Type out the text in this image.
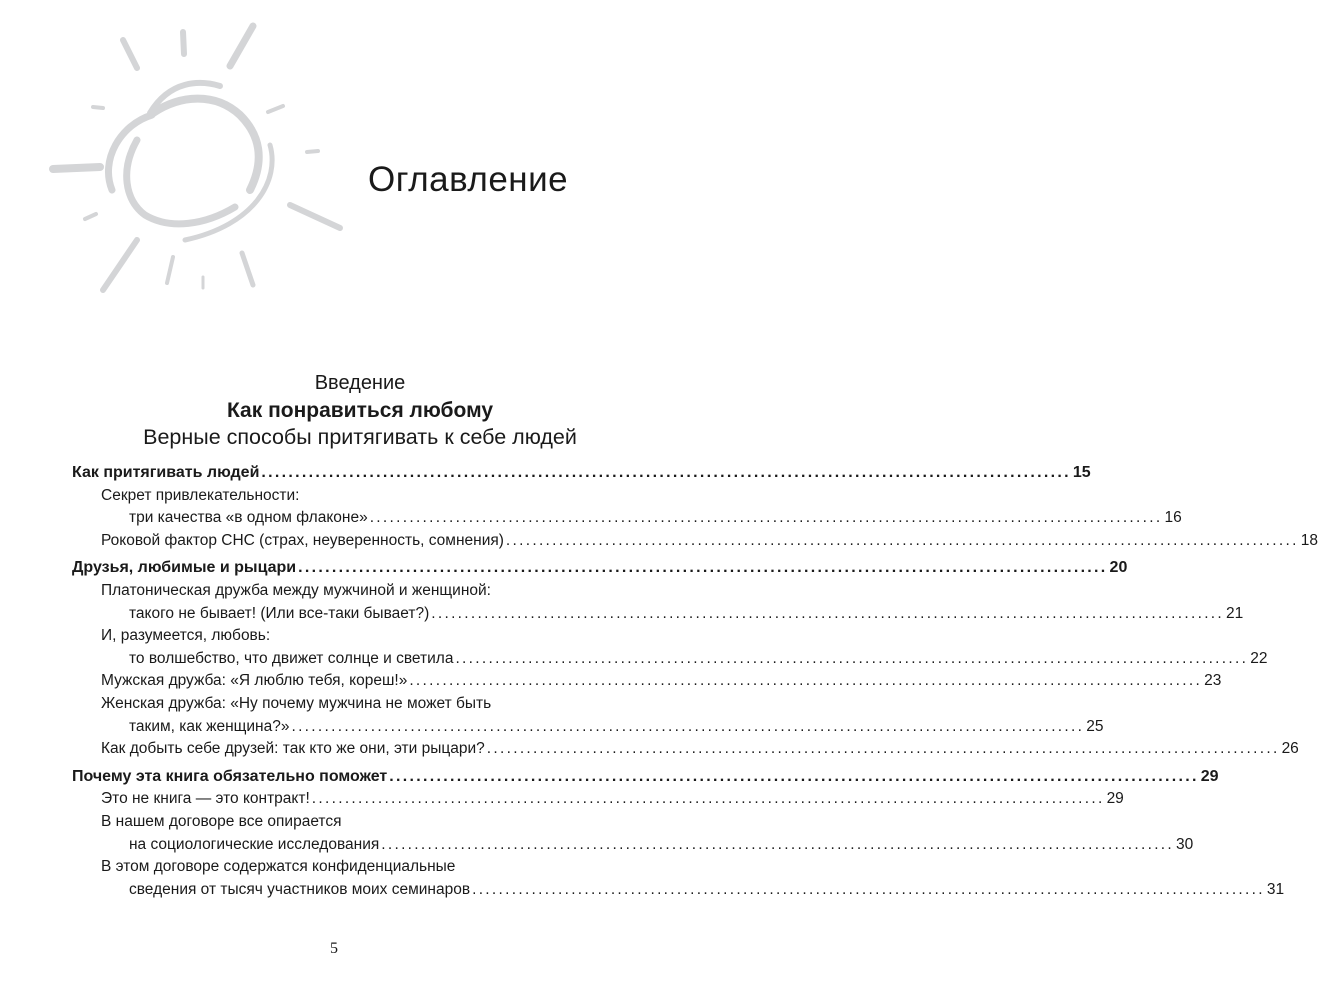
Оглавление
Введение
Как понравиться любому
Верные способы притягивать к себе людей
Как притягивать людей ........................................................................................................................ 15
Секрет привлекательности:
три качества «в одном флаконе» ........................................................................................................................ 16
Роковой фактор СНС (страх, неуверенность, сомнения) ........................................................................................................................ 18
Друзья, любимые и рыцари ........................................................................................................................ 20
Платоническая дружба между мужчиной и женщиной:
такого не бывает! (Или все-таки бывает?) ........................................................................................................................ 21
И, разумеется, любовь:
то волшебство, что движет солнце и светила ........................................................................................................................ 22
Мужская дружба: «Я люблю тебя, кореш!» ........................................................................................................................ 23
Женская дружба: «Ну почему мужчина не может быть
таким, как женщина?» ........................................................................................................................ 25
Как добыть себе друзей: так кто же они, эти рыцари? ........................................................................................................................ 26
Почему эта книга обязательно поможет ........................................................................................................................ 29
Это не книга — это контракт! ........................................................................................................................ 29
В нашем договоре все опирается
на социологические исследования ........................................................................................................................ 30
В этом договоре содержатся конфиденциальные
сведения от тысяч участников моих семинаров ........................................................................................................................ 31
5
